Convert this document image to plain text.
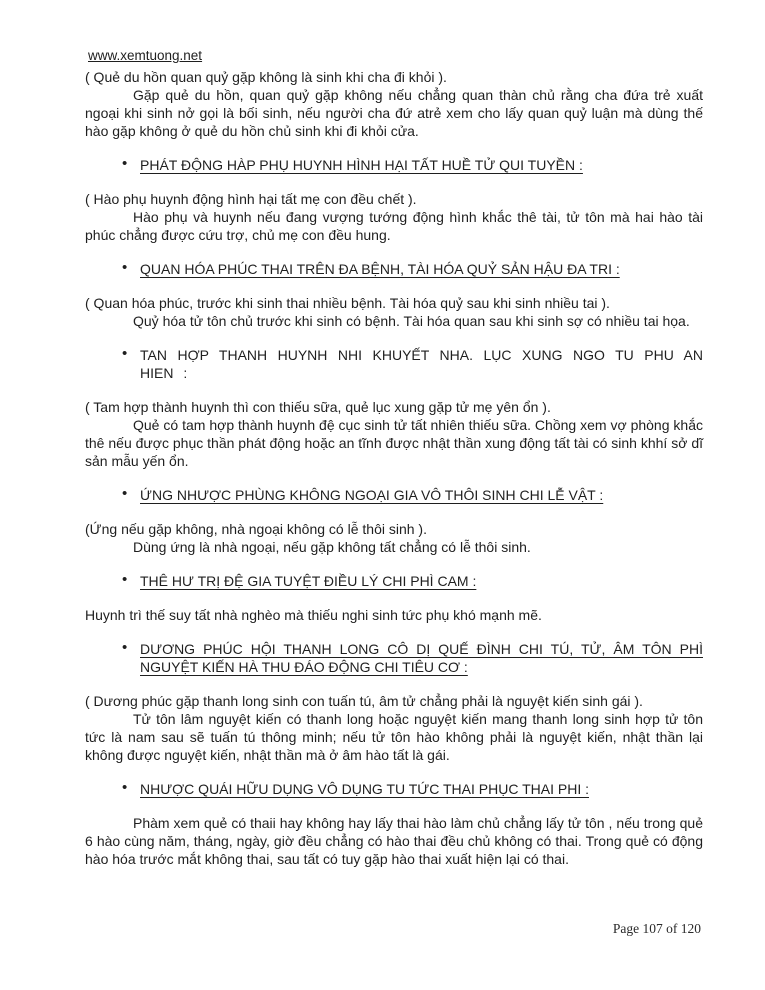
www.xemtuong.net

( Quẻ du hồn quan quỷ gặp không là sinh khi cha đi khỏi ).

Gặp quẻ du hồn, quan quỷ gặp không nếu chẳng quan thàn chủ rằng cha đứa trẻ xuất ngoại khi sinh nở gọi là bối sinh, nếu người cha đứ atrẻ xem cho lấy quan quỷ luận mà dùng thế hào gặp không ở quẻ du hồn chủ sinh khi đi khỏi cửa.

• PHÁT ĐỘNG HÀP PHỤ HUYNH HÌNH HẠI TẤT HUỀ TỬ QUI TUYỀN :

( Hào phụ huynh động hình hại tất mẹ con đều chết ).

Hào phụ và huynh nếu đang vượng tướng động hình khắc thê tài, tử tôn mà hai hào tài phúc chẳng được cứu trợ, chủ mẹ con đều hung.

• QUAN HÓA PHÚC THAI TRÊN ĐA BỆNH, TÀI HÓA QUỶ SẢN HẬU ĐA TRI :

( Quan hóa phúc, trước khi sinh thai nhiều bệnh. Tài hóa quỷ sau khi sinh nhiều tai ).

Quỷ hóa tử tôn chủ trước khi sinh có bệnh. Tài hóa quan sau khi sinh sợ có nhiều tai họa.

• TAN HỢP THANH HUYNH NHI KHUYẾT NHA. LỤC XUNG NGO TU PHU AN HIEN :

( Tam hợp thành huynh thì con thiếu sữa, quẻ lục xung gặp tử mẹ yên ổn ).

Quẻ có tam hợp thành huynh đệ cục sinh tử tất nhiên thiếu sữa. Chồng xem vợ phòng khắc thê nếu được phục thần phát động hoặc an tĩnh được nhật thần xung động tất tài có sinh khhí sở dĩ sản mẫu yến ổn.

• ỨNG NHƯỢC PHÙNG KHÔNG NGOẠI GIA VÔ THÔI SINH CHI LỄ VẬT :

(Ứng nếu gặp không, nhà ngoại không có lễ thôi sinh ).

Dùng ứng là nhà ngoại, nếu gặp không tất chẳng có lễ thôi sinh.

• THÊ HƯ TRỊ ĐỆ GIA TUYỆT ĐIỀU LÝ CHI PHÌ CAM :

Huynh trì thế suy tất nhà nghèo mà thiếu nghi sinh tức phụ khó mạnh mẽ.

• DƯƠNG PHÚC HỘI THANH LONG CÔ DỊ QUẾ ĐÌNH CHI TÚ, TỬ, ÂM TÔN PHÌ NGUYỆT KIẾN HÀ THU ĐÁO ĐỘNG CHI TIÊU CƠ :

( Dương phúc gặp thanh long sinh con tuấn tú, âm tử chẳng phải là nguyệt kiến sinh gái ).

Tử tôn lâm nguyệt kiến có thanh long hoặc nguyệt kiến mang thanh long sinh hợp tử tôn tức là nam sau sẽ tuấn tú thông minh; nếu tử tôn hào không phải là nguyệt kiến, nhật thần lại không được nguyệt kiến, nhật thần mà ở âm hào tất là gái.

• NHƯỢC QUÁI HỮU DỤNG VÔ DỤNG TU TỨC THAI PHỤC THAI PHI :

Phàm xem quẻ có thaii hay không hay lấy thai hào làm chủ chẳng lấy tử tôn , nếu trong quẻ 6 hào cùng năm, tháng, ngày, giờ đều chẳng có hào thai đều chủ không có thai. Trong quẻ có động hào hóa trước mắt không thai, sau tất có tuy gặp hào thai xuất hiện lại có thai.

Page 107 of 120
